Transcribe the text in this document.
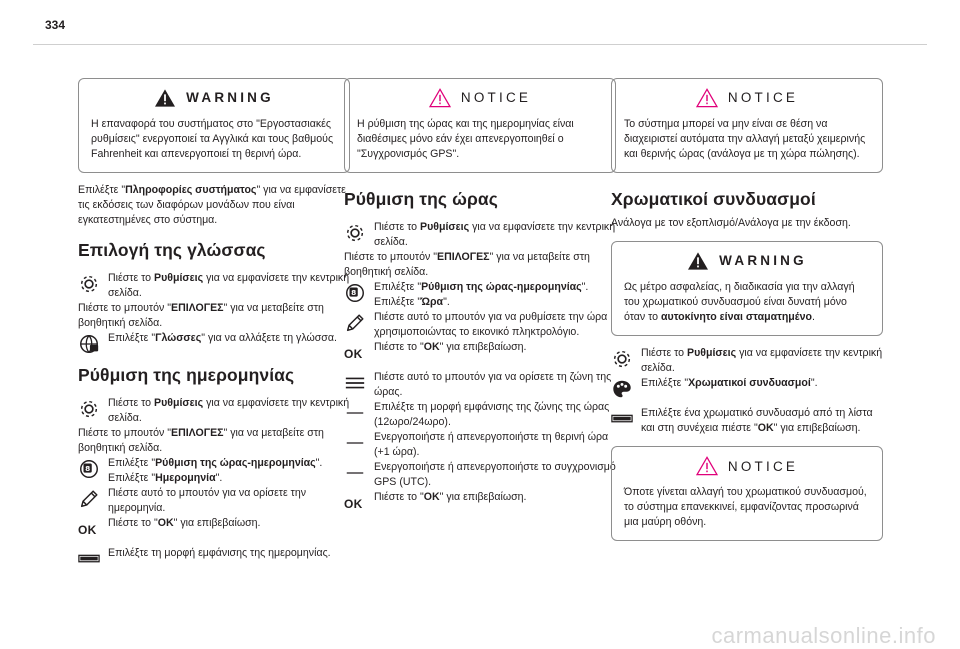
334
WARNING

Η επαναφορά του συστήματος στο "Εργοστασιακές ρυθμίσεις" ενεργοποιεί τα Αγγλικά και τους βαθμούς Fahrenheit και απενεργοποιεί τη θερινή ώρα.

Επιλέξτε "Πληροφορίες συστήματος" για να εμφανίσετε τις εκδόσεις των διαφόρων μονάδων που είναι εγκατεστημένες στο σύστημα.

Επιλογή της γλώσσας
Πιέστε το Ρυθμίσεις για να εμφανίσετε την κεντρική σελίδα.

Πιέστε το μπουτόν "ΕΠΙΛΟΓΕΣ" για να μεταβείτε στη βοηθητική σελίδα.

Επιλέξτε "Γλώσσες" για να αλλάξετε τη γλώσσα.
Ρύθμιση της ημερομηνίας
Πιέστε το Ρυθμίσεις για να εμφανίσετε την κεντρική σελίδα.

Πιέστε το μπουτόν "ΕΠΙΛΟΓΕΣ" για να μεταβείτε στη βοηθητική σελίδα.

Επιλέξτε "Ρύθμιση της ώρας-ημερομηνίας".
Επιλέξτε "Ημερομηνία".
Πιέστε αυτό το μπουτόν για να ορίσετε την ημερομηνία.
OK	Πιέστε το "OK" για επιβεβαίωση.
Επιλέξτε τη μορφή εμφάνισης της ημερομηνίας.
NOTICE

Η ρύθμιση της ώρας και της ημερομηνίας είναι διαθέσιμες μόνο εάν έχει απενεργοποιηθεί ο "Συγχρονισμός GPS".

Ρύθμιση της ώρας
Πιέστε το Ρυθμίσεις για να εμφανίσετε την κεντρική σελίδα.

Πιέστε το μπουτόν "ΕΠΙΛΟΓΕΣ" για να μεταβείτε στη βοηθητική σελίδα.

Επιλέξτε "Ρύθμιση της ώρας-ημερομηνίας".
Επιλέξτε "Ώρα".
Πιέστε αυτό το μπουτόν για να ρυθμίσετε την ώρα χρησιμοποιώντας το εικονικό πληκτρολόγιο.
OK	Πιέστε το "OK" για επιβεβαίωση.
Πιέστε αυτό το μπουτόν για να ορίσετε τη ζώνη της ώρας.
Επιλέξτε τη μορφή εμφάνισης της ζώνης της ώρας (12ωρο/24ωρο).
Ενεργοποιήστε ή απενεργοποιήστε τη θερινή ώρα (+1 ώρα).
Ενεργοποιήστε ή απενεργοποιήστε το συγχρονισμό GPS (UTC).
OK	Πιέστε το "OK" για επιβεβαίωση.
NOTICE

Το σύστημα μπορεί να μην είναι σε θέση να διαχειριστεί αυτόματα την αλλαγή μεταξύ χειμερινής και θερινής ώρας (ανάλογα με τη χώρα πώλησης).

Χρωματικοί συνδυασμοί

Ανάλογα με τον εξοπλισμό/Ανάλογα με την έκδοση.

WARNING

Ως μέτρο ασφαλείας, η διαδικασία για την αλλαγή του χρωματικού συνδυασμού είναι δυνατή μόνο όταν το αυτοκίνητο είναι σταματημένο.

Πιέστε το Ρυθμίσεις για να εμφανίσετε την κεντρική σελίδα.
Επιλέξτε "Χρωματικοί συνδυασμοί".
Επιλέξτε ένα χρωματικό συνδυασμό από τη λίστα και στη συνέχεια πιέστε "OK" για επιβεβαίωση.
NOTICE

Όποτε γίνεται αλλαγή του χρωματικού συνδυασμού, το σύστημα επανεκκινεί, εμφανίζοντας προσωρινά μια μαύρη οθόνη.

carmanualsonline.info
